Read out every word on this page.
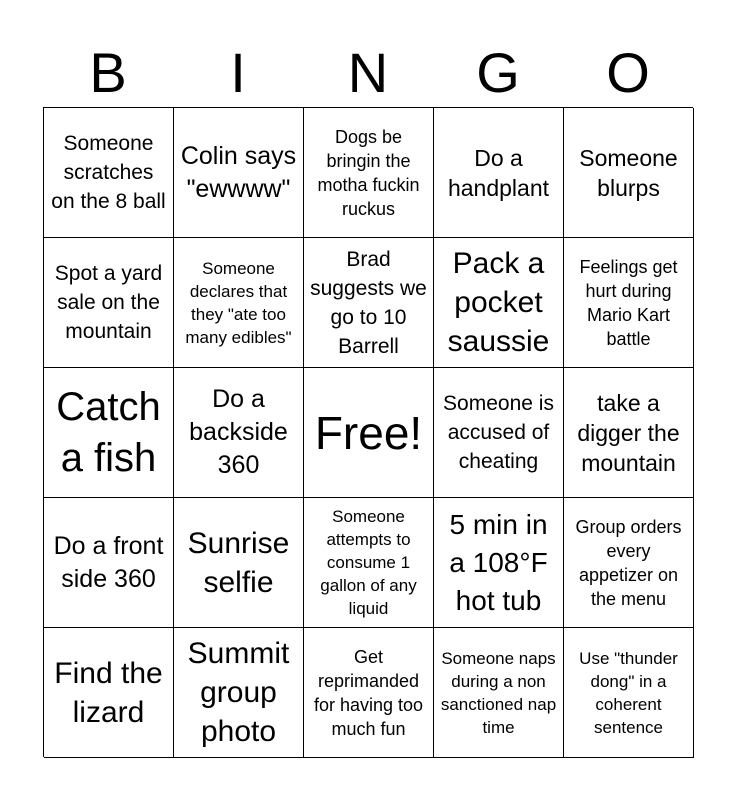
B	I	N	G	O
Someone scratches on the 8 ball
Colin says "ewwww"
Dogs be bringin the motha fuckin ruckus
Do a handplant
Someone blurps
Spot a yard sale on the mountain
Someone declares that they "ate too many edibles"
Brad suggests we go to 10 Barrell
Pack a pocket saussie
Feelings get hurt during Mario Kart battle
Catch a fish
Do a backside 360
Free!
Someone is accused of cheating
take a digger the mountain
Do a front side 360
Sunrise selfie
Someone attempts to consume 1 gallon of any liquid
5 min in a 108°F hot tub
Group orders every appetizer on the menu
Find the lizard
Summit group photo
Get reprimanded for having too much fun
Someone naps during a non sanctioned nap time
Use "thunder dong" in a coherent sentence
